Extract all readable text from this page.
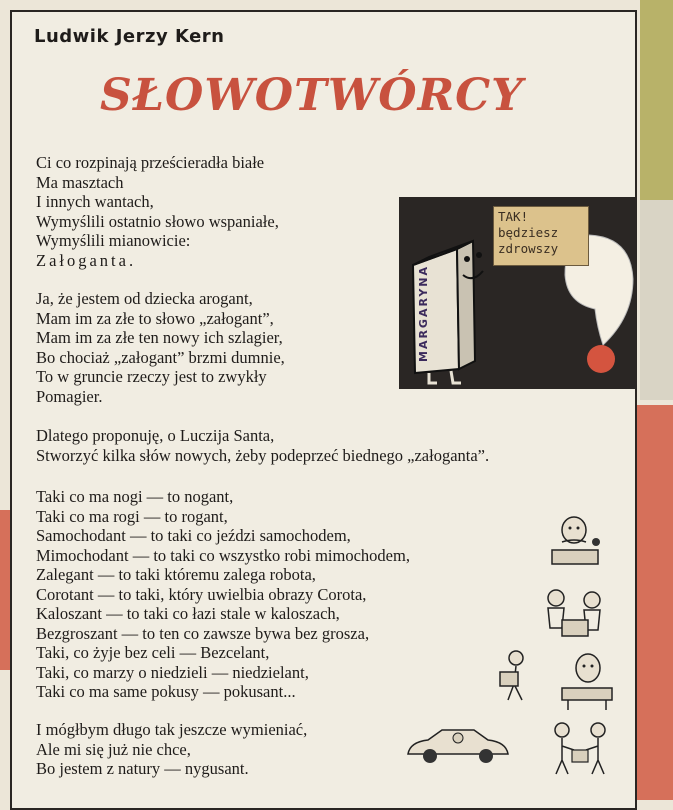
Ludwik Jerzy Kern
SŁOWOTWÓRCY
Ci co rozpinają prześcieradła białe
Ma masztach
I innych wantach,
Wymyślili ostatnio słowo wspaniałe,
Wymyślili mianowicie:
Załoganta.
Ja, że jestem od dziecka arogant,
Mam im za złe to słowo „załogant”,
Mam im za złe ten nowy ich szlagier,
Bo chociaż „załogant” brzmi dumnie,
To w gruncie rzeczy jest to zwykły
Pomagier.
Dlatego proponuję, o Luczija Santa,
Stworzyć kilka słów nowych, żeby podeprzeć biednego „załoganta”.
Taki co ma nogi — to nogant,
Taki co ma rogi — to rogant,
Samochodant — to taki co jeździ samochodem,
Mimochodant — to taki co wszystko robi mimochodem,
Zalegant — to taki któremu zalega robota,
Corotant — to taki, który uwielbia obrazy Corota,
Kaloszant — to taki co łazi stale w kaloszach,
Bezgroszant — to ten co zawsze bywa bez grosza,
Taki, co żyje bez celi — Bezcelant,
Taki, co marzy o niedzieli — niedzielant,
Taki co ma same pokusy — pokusant...
I mógłbym długo tak jeszcze wymieniać,
Ale mi się już nie chce,
Bo jestem z natury — nygusant.
MARGARYNA
TAK!
będziesz
zdrowszy
